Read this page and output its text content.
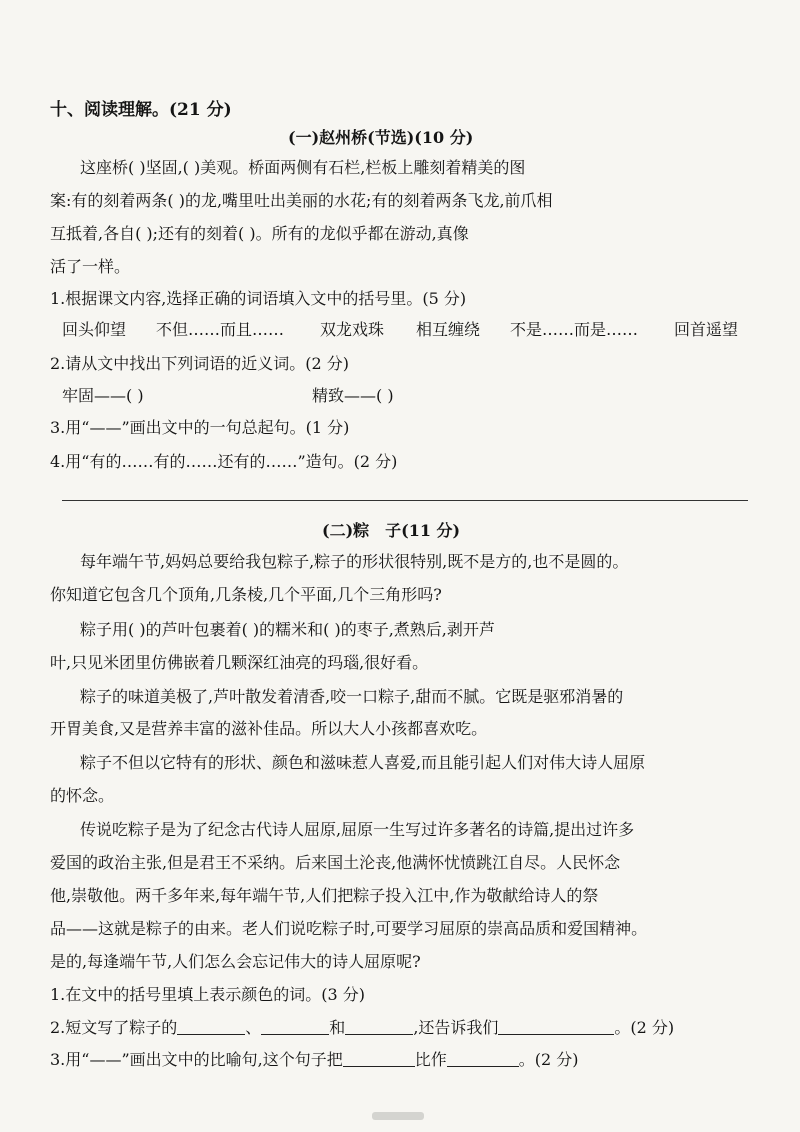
十、阅读理解。(21 分)

(一)赵州桥(节选)(10 分)

这座桥( )坚固,( )美观。桥面两侧有石栏,栏板上雕刻着精美的图

案:有的刻着两条( )的龙,嘴里吐出美丽的水花;有的刻着两条飞龙,前爪相

互抵着,各自( );还有的刻着( )。所有的龙似乎都在游动,真像

活了一样。

1.根据课文内容,选择正确的词语填入文中的括号里。(5 分)

回头仰望 不但……而且…… 双龙戏珠 相互缠绕 不是……而是…… 回首遥望

2.请从文中找出下列词语的近义词。(2 分)

牢固——( )	精致——( )

3.用“——”画出文中的一句总起句。(1 分)

4.用“有的……有的……还有的……”造句。(2 分)

(二)粽　子(11 分)

每年端午节,妈妈总要给我包粽子,粽子的形状很特别,既不是方的,也不是圆的。

你知道它包含几个顶角,几条棱,几个平面,几个三角形吗?

粽子用( )的芦叶包裹着( )的糯米和( )的枣子,煮熟后,剥开芦

叶,只见米团里仿佛嵌着几颗深红油亮的玛瑙,很好看。

粽子的味道美极了,芦叶散发着清香,咬一口粽子,甜而不腻。它既是驱邪消暑的

开胃美食,又是营养丰富的滋补佳品。所以大人小孩都喜欢吃。

粽子不但以它特有的形状、颜色和滋味惹人喜爱,而且能引起人们对伟大诗人屈原

的怀念。

传说吃粽子是为了纪念古代诗人屈原,屈原一生写过许多著名的诗篇,提出过许多

爱国的政治主张,但是君王不采纳。后来国土沦丧,他满怀忧愤跳江自尽。人民怀念

他,崇敬他。两千多年来,每年端午节,人们把粽子投入江中,作为敬献给诗人的祭

品——这就是粽子的由来。老人们说吃粽子时,可要学习屈原的崇高品质和爱国精神。

是的,每逢端午节,人们怎么会忘记伟大的诗人屈原呢?

1.在文中的括号里填上表示颜色的词。(3 分)

2.短文写了粽子的	、	和	,还告诉我们	。(2 分)

3.用“——”画出文中的比喻句,这个句子把	比作	。(2 分)
